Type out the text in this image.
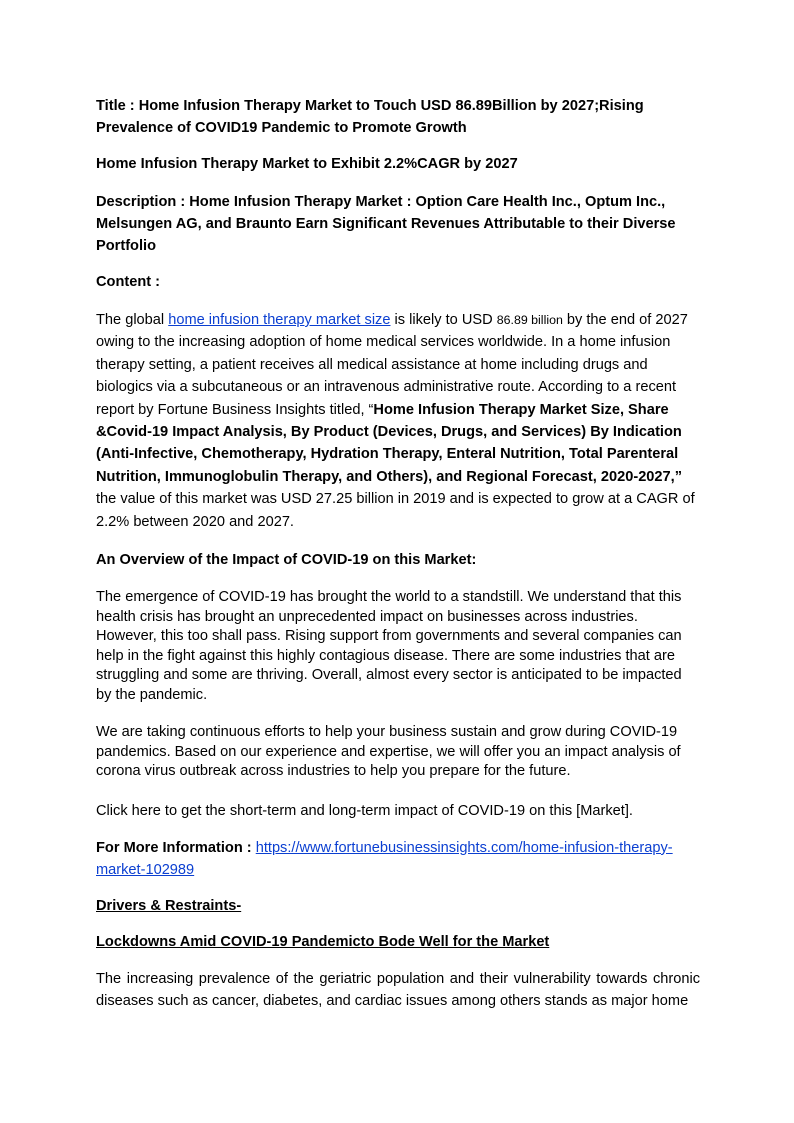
Title : Home Infusion Therapy Market to Touch USD 86.89Billion by 2027;Rising Prevalence of COVID19 Pandemic to Promote Growth

Home Infusion Therapy Market to Exhibit 2.2%CAGR by 2027

Description : Home Infusion Therapy Market : Option Care Health Inc., Optum Inc., Melsungen AG, and Braunto Earn Significant Revenues Attributable to their Diverse Portfolio

Content :

The global home infusion therapy market size is likely to USD 86.89 billion by the end of 2027 owing to the increasing adoption of home medical services worldwide. In a home infusion therapy setting, a patient receives all medical assistance at home including drugs and biologics via a subcutaneous or an intravenous administrative route. According to a recent report by Fortune Business Insights titled, “Home Infusion Therapy Market Size, Share &Covid-19 Impact Analysis, By Product (Devices, Drugs, and Services) By Indication (Anti-Infective, Chemotherapy, Hydration Therapy, Enteral Nutrition, Total Parenteral Nutrition, Immunoglobulin Therapy, and Others), and Regional Forecast, 2020-2027,” the value of this market was USD 27.25 billion in 2019 and is expected to grow at a CAGR of 2.2% between 2020 and 2027.

An Overview of the Impact of COVID-19 on this Market:

The emergence of COVID-19 has brought the world to a standstill. We understand that this health crisis has brought an unprecedented impact on businesses across industries. However, this too shall pass. Rising support from governments and several companies can help in the fight against this highly contagious disease. There are some industries that are struggling and some are thriving. Overall, almost every sector is anticipated to be impacted by the pandemic.

We are taking continuous efforts to help your business sustain and grow during COVID-19 pandemics. Based on our experience and expertise, we will offer you an impact analysis of corona virus outbreak across industries to help you prepare for the future.

Click here to get the short-term and long-term impact of COVID-19 on this [Market].

For More Information : https://www.fortunebusinessinsights.com/home-infusion-therapy-market-102989

Drivers & Restraints-

Lockdowns Amid COVID-19 Pandemicto Bode Well for the Market

The increasing prevalence of the geriatric population and their vulnerability towards chronic diseases such as cancer, diabetes, and cardiac issues among others stands as major home
